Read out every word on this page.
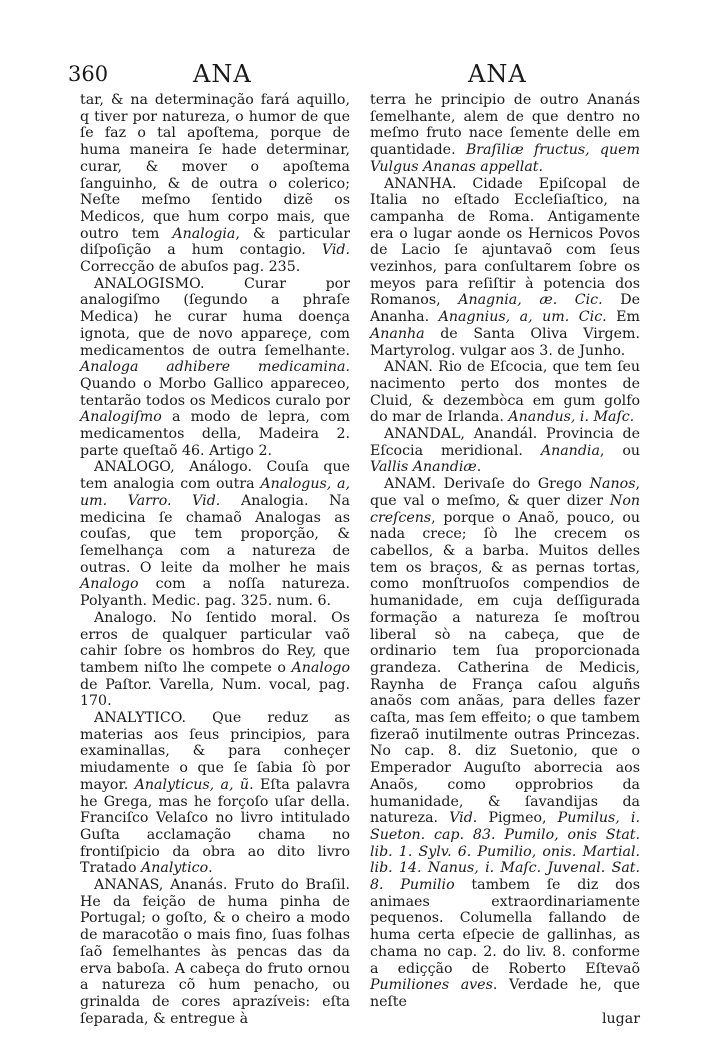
360	ANA	ANA

tar, & na determinação fará aquillo, q tiver por natureza, o humor de que ſe faz o tal apoſtema, porque de huma maneira ſe hade determinar, curar, & mover o apoſtema ſanguinho, & de outra o colerico; Neſte meſmo ſentido dizẽ os Medicos, que hum corpo mais, que outro tem Analogia, & particular diſpoſição a hum contagio. Vid. Correcção de abuſos pag. 235.

ANALOGISMO. Curar por analogiſmo (ſegundo a phraſe Medica) he curar huma doença ignota, que de novo appareçe, com medicamentos de outra ſemelhante. Analoga adhibere medicamina. Quando o Morbo Gallico appareceo, tentarão todos os Medicos curalo por Analogiſmo a modo de lepra, com medicamentos della, Madeira 2. parte queſtaõ 46. Artigo 2.

ANALOGO, Análogo. Couſa que tem analogia com outra Analogus, a, um. Varro. Vid. Analogia. Na medicina ſe chamaõ Analogas as couſas, que tem proporção, & ſemelhança com a natureza de outras. O leite da molher he mais Analogo com a noſſa natureza. Polyanth. Medic. pag. 325. num. 6.

Analogo. No ſentido moral. Os erros de qualquer particular vaõ cahir ſobre os hombros do Rey, que tambem niſto lhe compete o Analogo de Paſtor. Varella, Num. vocal, pag. 170.

ANALYTICO. Que reduz as materias aos ſeus principios, para examinallas, & para conheçer miudamente o que ſe ſabia ſò por mayor. Analyticus, a, ũ. Eſta palavra he Grega, mas he forçoſo uſar della. Franciſco Velaſco no livro intitulado Guſta acclamação chama no frontiſpicio da obra ao dito livro Tratado Analytico.

ANANAS, Ananás. Fruto do Braſil. He da feição de huma pinha de Portugal; o goſto, & o cheiro a modo de maracotão o mais fino, ſuas folhas ſaõ ſemelhantes às pencas das da erva baboſa. A cabeça do fruto ornou a natureza cõ hum penacho, ou grinalda de cores aprazíveis: eſta ſeparada, & entregue à

terra he principio de outro Ananás ſemelhante, alem de que dentro no meſmo fruto nace ſemente delle em quantidade. Braſiliæ fructus, quem Vulgus Ananas appellat.

ANANHA. Cidade Epiſcopal de Italia no eſtado Eccleſiaſtico, na campanha de Roma. Antigamente era o lugar aonde os Hernicos Povos de Lacio ſe ajuntavaõ com ſeus vezinhos, para conſultarem ſobre os meyos para reſiſtir à potencia dos Romanos, Anagnia, æ. Cic. De Ananha. Anagnius, a, um. Cic. Em Ananha de Santa Oliva Virgem. Martyrolog. vulgar aos 3. de Junho.

ANAN. Rio de Eſcocia, que tem ſeu nacimento perto dos montes de Cluid, & dezembòca em gum golfo do mar de Irlanda. Anandus, i. Maſc.

ANANDAL, Anandál. Provincia de Eſcocia meridional. Anandia, ou Vallis Anandiæ.

ANAM. Derivaſe do Grego Nanos, que val o meſmo, & quer dizer Non creſcens, porque o Anaõ, pouco, ou nada crece; ſò lhe crecem os cabellos, & a barba. Muitos delles tem os braços, & as pernas tortas, como monſtruoſos compendios de humanidade, em cuja deſſigurada formação a natureza ſe moſtrou liberal sò na cabeça, que de ordinario tem ſua proporcionada grandeza. Catherina de Medicis, Raynha de França caſou alguñs anaõs com anãas, para delles fazer caſta, mas ſem effeito; o que tambem fizeraõ inutilmente outras Princezas. No cap. 8. diz Suetonio, que o Emperador Auguſto aborrecia aos Anaõs, como opprobrios da humanidade, & ſavandijas da natureza. Vid. Pigmeo, Pumilus, i. Sueton. cap. 83. Pumilo, onis Stat. lib. 1. Sylv. 6. Pumilio, onis. Martial. lib. 14. Nanus, i. Maſc. Juvenal. Sat. 8. Pumilio tambem ſe diz dos animaes extraordinariamente pequenos. Columella fallando de huma certa eſpecie de gallinhas, as chama no cap. 2. do liv. 8. conforme a ediçção de Roberto Eſtevaõ Pumiliones aves. Verdade he, que neſte

lugar
